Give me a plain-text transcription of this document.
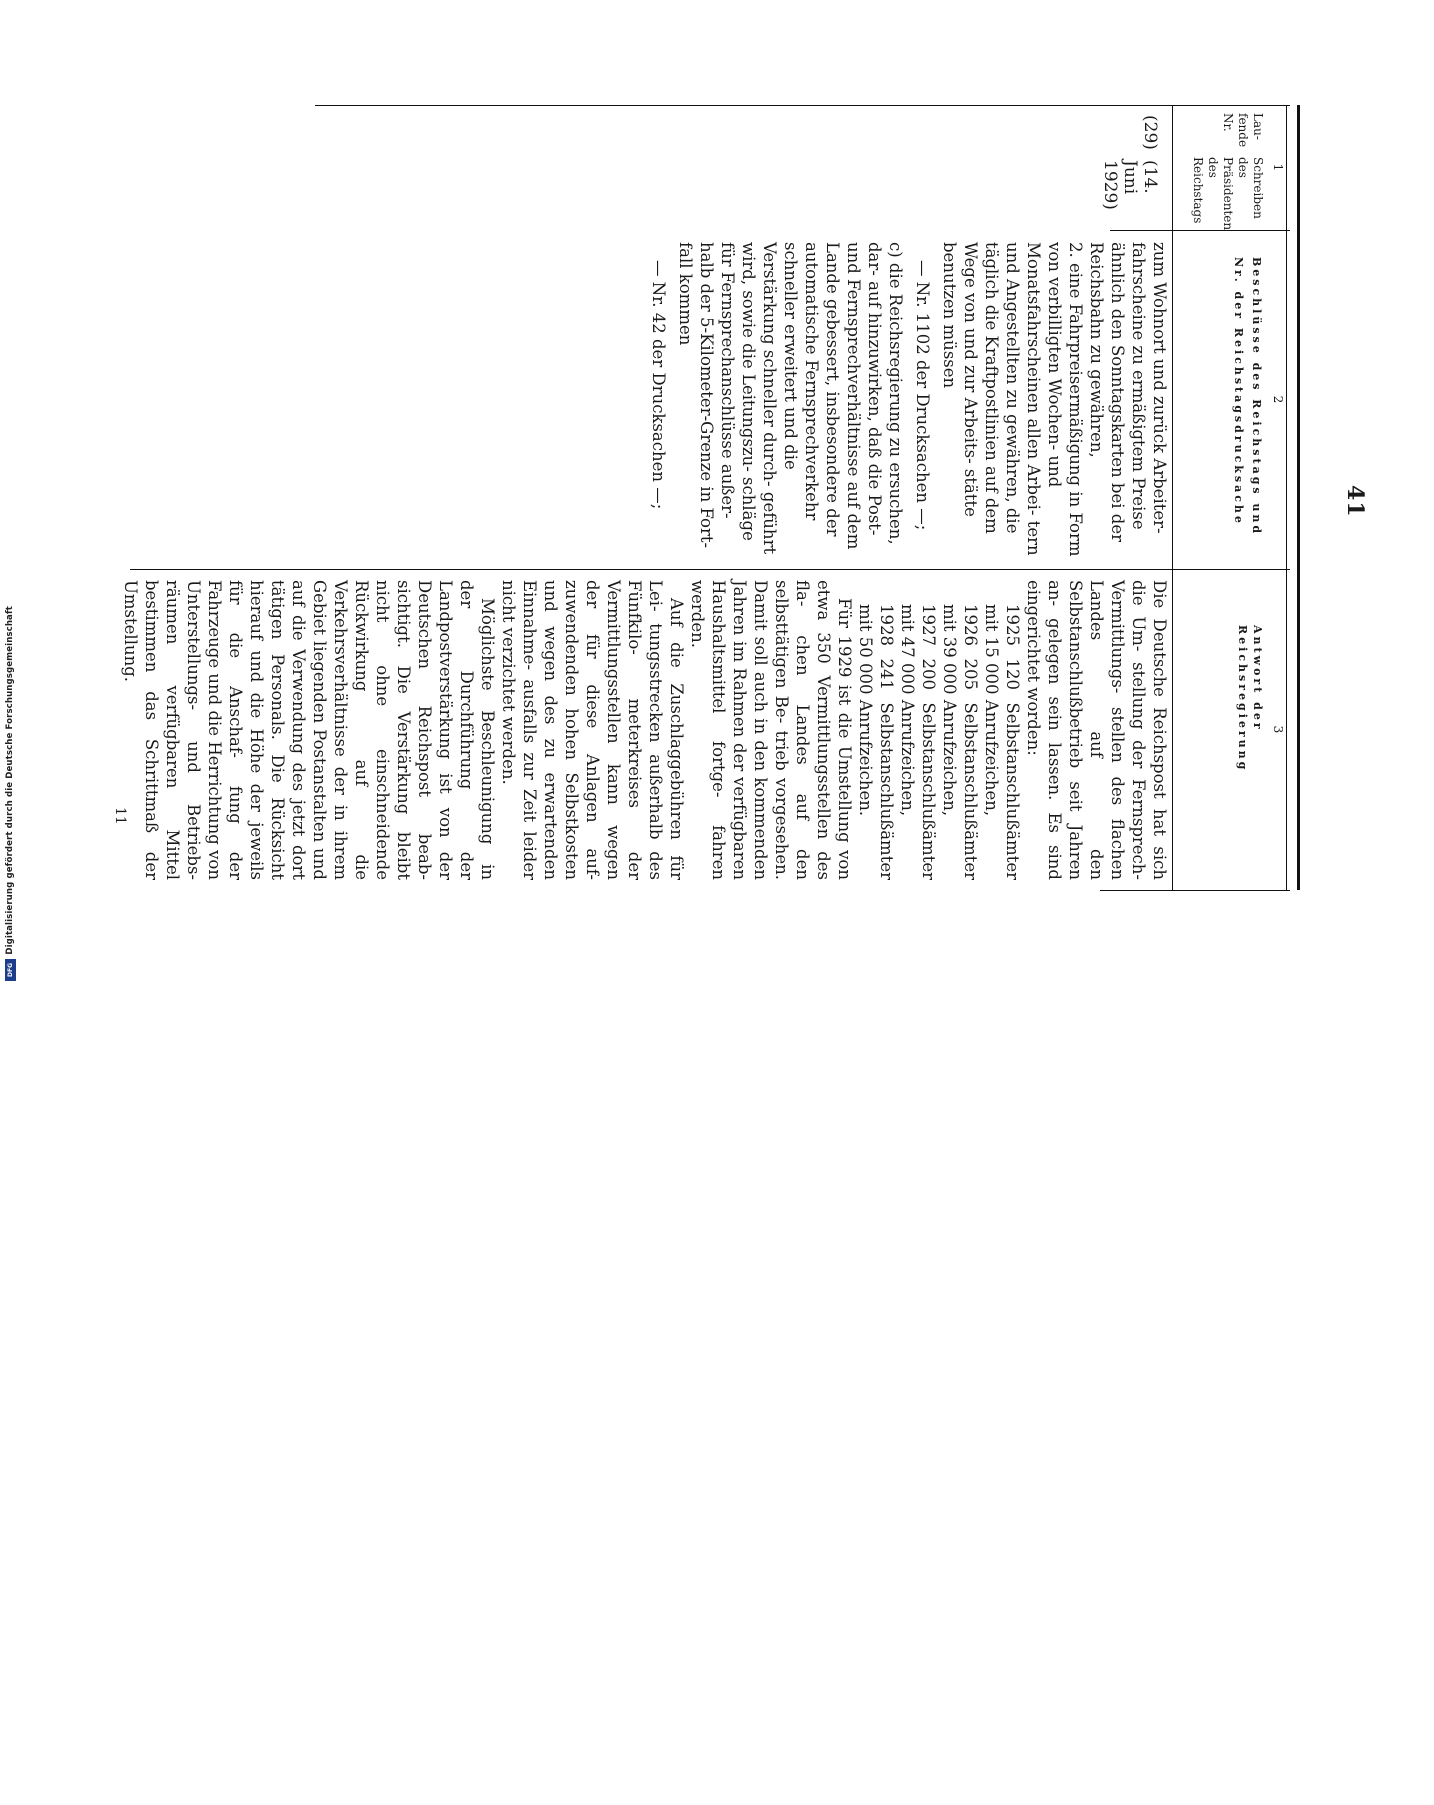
Digitalisierung gefördert durch die Deutsche Forschungsgemeinschaft
DFG
41
1
2
3
Lau- fende Nr.
Schreiben des Präsidenten des Reichstags
Beschlüsse des Reichstags und Nr. der Reichstagsdrucksache
Antwort der Reichsregierung
(29)
(14. Juni 1929)

zum Wohnort und zurück Arbeiter- fahrscheine zu ermäßigtem Preise ähnlich den Sonntagskarten bei der Reichsbahn zu gewähren,

2. eine Fahrpreisermäßigung in Form von verbilligten Wochen- und Monatsfahrscheinen allen Arbei- tern und Angestellten zu gewähren, die täglich die Kraftpostlinien auf dem Wege von und zur Arbeits- stätte benutzen müssen

— Nr. 1102 der Drucksachen —;

c) die Reichsregierung zu ersuchen, dar- auf hinzuwirken, daß die Post- und Fernsprechverhältnisse auf dem Lande gebessert, insbesondere der automatische Fernsprechverkehr schneller erweitert und die Verstärkung schneller durch- geführt wird, sowie die Leitungszu- schläge für Fernsprechanschlüsse außer- halb der 5-Kilometer-Grenze in Fort- fall kommen

— Nr. 42 der Drucksachen —;

Die Deutsche Reichspost hat sich die Um- stellung der Fernsprech-Vermittlungs- stellen des flachen Landes auf den Selbstanschlußbetrieb seit Jahren an- gelegen sein lassen. Es sind eingerichtet worden:

1925 120 Selbstanschlußämter mit 15 000 Anrufzeichen,

1926 205 Selbstanschlußämter mit 39 000 Anrufzeichen,

1927 200 Selbstanschlußämter mit 47 000 Anrufzeichen,

1928 241 Selbstanschlußämter mit 50 000 Anrufzeichen.

Für 1929 ist die Umstellung von etwa 350 Vermittlungsstellen des fla- chen Landes auf den selbsttätigen Be- trieb vorgesehen. Damit soll auch in den kommenden Jahren im Rahmen der verfügbaren Haushaltsmittel fortge- fahren werden.

Auf die Zuschlaggebühren für Lei- tungsstrecken außerhalb des Fünfkilo- meterkreises der Vermittlungsstellen kann wegen der für diese Anlagen auf- zuwendenden hohen Selbstkosten und wegen des zu erwartenden Einnahme- ausfalls zur Zeit leider nicht verzichtet werden.

Möglichste Beschleunigung in der Durchführung der Landpostverstärkung ist von der Deutschen Reichspost beab- sichtigt. Die Verstärkung bleibt nicht ohne einschneidende Rückwirkung auf die Verkehrsverhältnisse der in ihrem Gebiet liegenden Postanstalten und auf die Verwendung des jetzt dort tätigen Personals. Die Rücksicht hierauf und die Höhe der jeweils für die Anschaf- fung der Fahrzeuge und die Herrichtung von Unterstellungs- und Betriebs- räumen verfügbaren Mittel bestimmen das Schrittmaß der Umstellung.

11
